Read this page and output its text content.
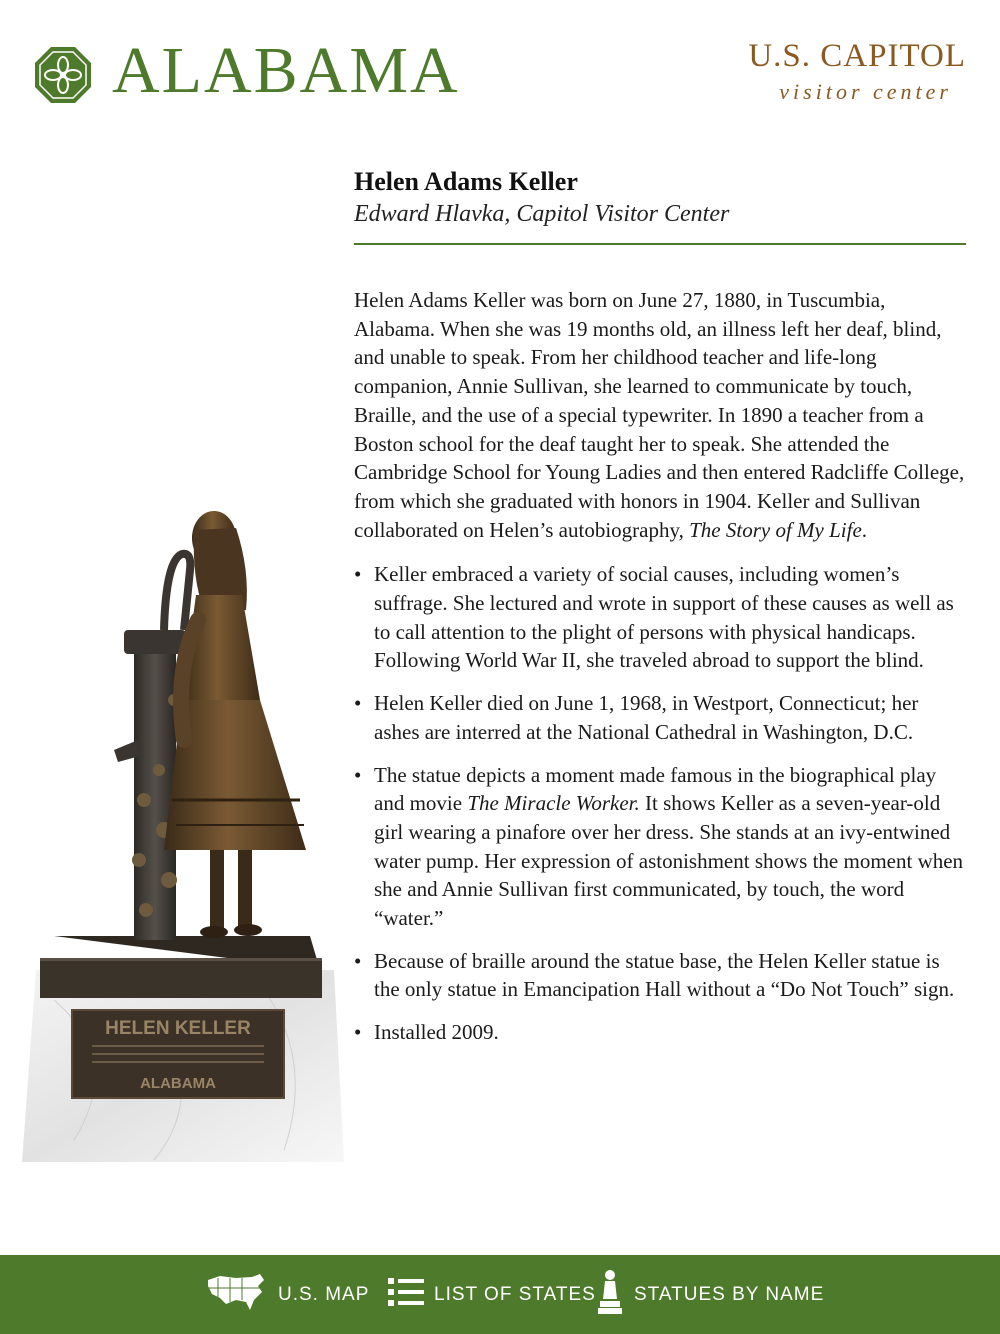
ALABAMA	U.S. CAPITOL
visitor center
Helen Adams Keller
Edward Hlavka, Capitol Visitor Center
HELEN KELLER
ALABAMA

Helen Adams Keller was born on June 27, 1880, in Tuscumbia, Alabama. When she was 19 months old, an illness left her deaf, blind, and unable to speak. From her childhood teacher and life-long companion, Annie Sullivan, she learned to communicate by touch, Braille, and the use of a special typewriter. In 1890 a teacher from a Boston school for the deaf taught her to speak. She attended the Cambridge School for Young Ladies and then entered Radcliffe College, from which she graduated with honors in 1904. Keller and Sullivan collaborated on Helen’s autobiography, The Story of My Life.

• Keller embraced a variety of social causes, including women’s suffrage. She lectured and wrote in support of these causes as well as to call attention to the plight of persons with physical handicaps. Following World War II, she traveled abroad to support the blind.
• Helen Keller died on June 1, 1968, in Westport, Connecticut; her ashes are interred at the National Cathedral in Washington, D.C.
• The statue depicts a moment made famous in the biographical play and movie The Miracle Worker. It shows Keller as a seven-year-old girl wearing a pinafore over her dress. She stands at an ivy-entwined water pump. Her expression of astonishment shows the moment when she and Annie Sullivan first communicated, by touch, the word “water.”
• Because of braille around the statue base, the Helen Keller statue is the only statue in Emancipation Hall without a “Do Not Touch” sign.
• Installed 2009.
U.S. MAP	LIST OF STATES STATUES BY NAME
